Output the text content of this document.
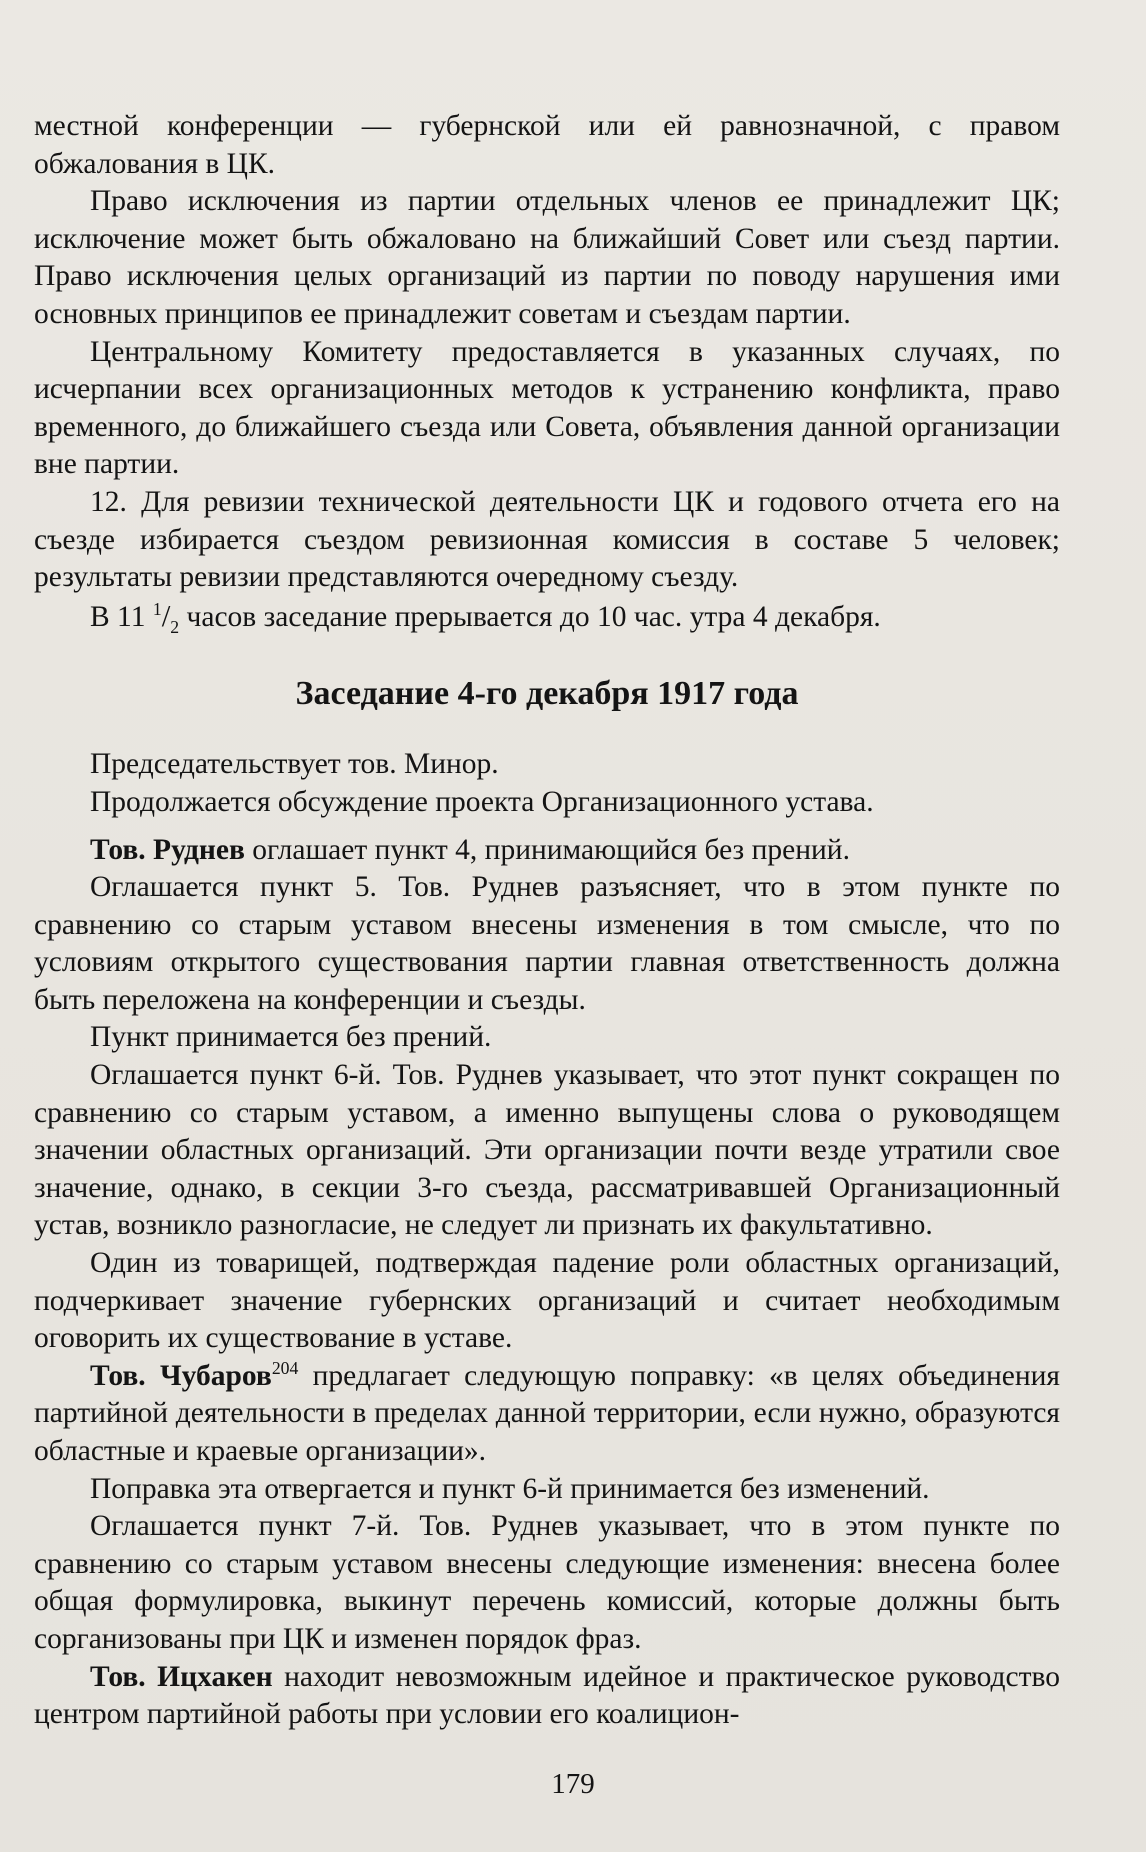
местной конференции — губернской или ей равнозначной, с правом обжалования в ЦК.

Право исключения из партии отдельных членов ее принадлежит ЦК; исключение может быть обжаловано на ближайший Совет или съезд партии. Право исключения целых организаций из партии по поводу нарушения ими основных принципов ее принадлежит советам и съездам партии.

Центральному Комитету предоставляется в указанных случаях, по исчерпании всех организационных методов к устранению конфликта, право временного, до ближайшего съезда или Совета, объявления данной организации вне партии.

12. Для ревизии технической деятельности ЦК и годового отчета его на съезде избирается съездом ревизионная комиссия в составе 5 человек; результаты ревизии представляются очередному съезду.

В 11 $^1/_2$ часов заседание прерывается до 10 час. утра 4 декабря.

Заседание 4-го декабря 1917 года

Председательствует тов. Минор.

Продолжается обсуждение проекта Организационного устава.

Тов. Руднев оглашает пункт 4, принимающийся без прений.

Оглашается пункт 5. Тов. Руднев разъясняет, что в этом пункте по сравнению со старым уставом внесены изменения в том смысле, что по условиям открытого существования партии главная ответственность должна быть переложена на конференции и съезды.

Пункт принимается без прений.

Оглашается пункт 6-й. Тов. Руднев указывает, что этот пункт сокращен по сравнению со старым уставом, а именно выпущены слова о руководящем значении областных организаций. Эти организации почти везде утратили свое значение, однако, в секции 3-го съезда, рассматривавшей Организационный устав, возникло разногласие, не следует ли признать их факультативно.

Один из товарищей, подтверждая падение роли областных организаций, подчеркивает значение губернских организаций и считает необходимым оговорить их существование в уставе.

Тов. Чубаров$^{204}$ предлагает следующую поправку: «в целях объединения партийной деятельности в пределах данной территории, если нужно, образуются областные и краевые организации».

Поправка эта отвергается и пункт 6-й принимается без изменений.

Оглашается пункт 7-й. Тов. Руднев указывает, что в этом пункте по сравнению со старым уставом внесены следующие изменения: внесена более общая формулировка, выкинут перечень комиссий, которые должны быть сорганизованы при ЦК и изменен порядок фраз.

Тов. Ицхакен находит невозможным идейное и практическое руководство центром партийной работы при условии его коалицион-

179
